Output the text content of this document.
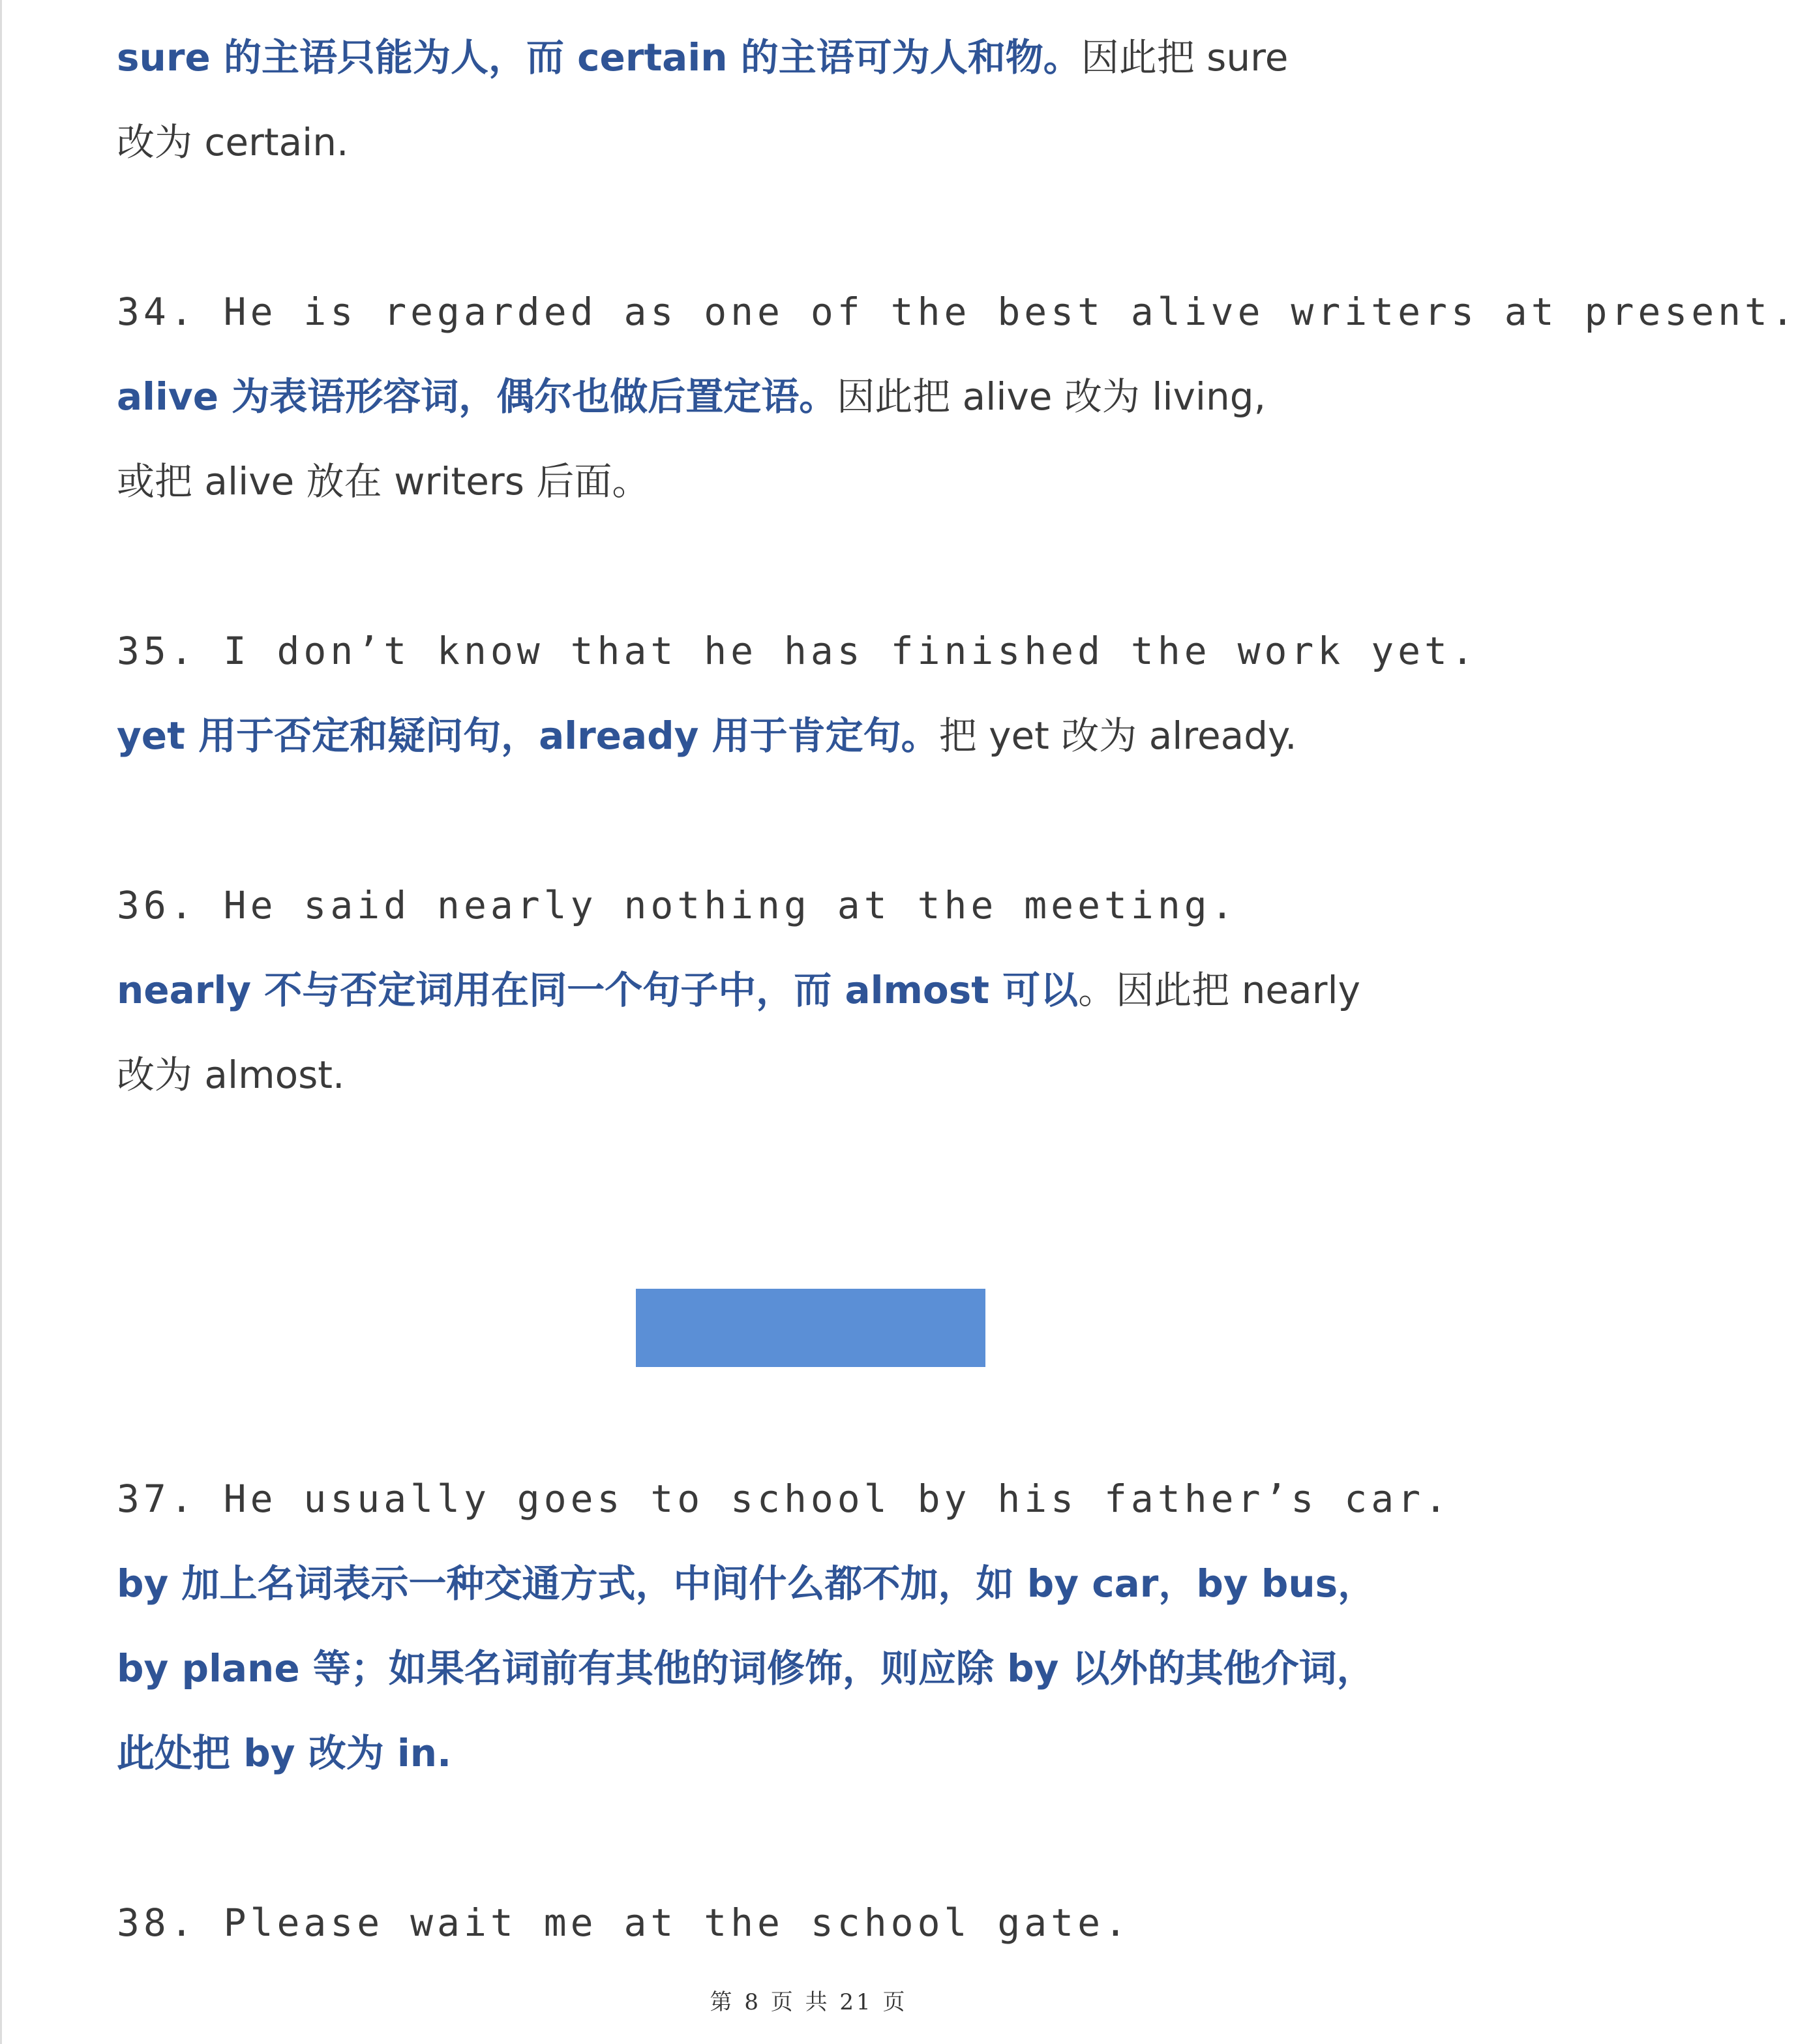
sure 的主语只能为人，而 certain 的主语可为人和物。因此把 sure
改为 certain.
34. He is regarded as one of the best alive writers at present.
alive 为表语形容词，偶尔也做后置定语。因此把 alive 改为 living,
或把 alive 放在 writers 后面。
35. I don’t know that he has finished the work yet.
yet 用于否定和疑问句，already 用于肯定句。把 yet 改为 already.
36. He said nearly nothing at the meeting.
nearly 不与否定词用在同一个句子中，而 almost 可以。因此把 nearly
改为 almost.
37. He usually goes to school by his father’s car.
by 加上名词表示一种交通方式，中间什么都不加，如 by car，by bus，
by plane 等；如果名词前有其他的词修饰，则应除 by 以外的其他介词，
此处把 by 改为 in.
38. Please wait me at the school gate.
第 8 页 共 21 页
